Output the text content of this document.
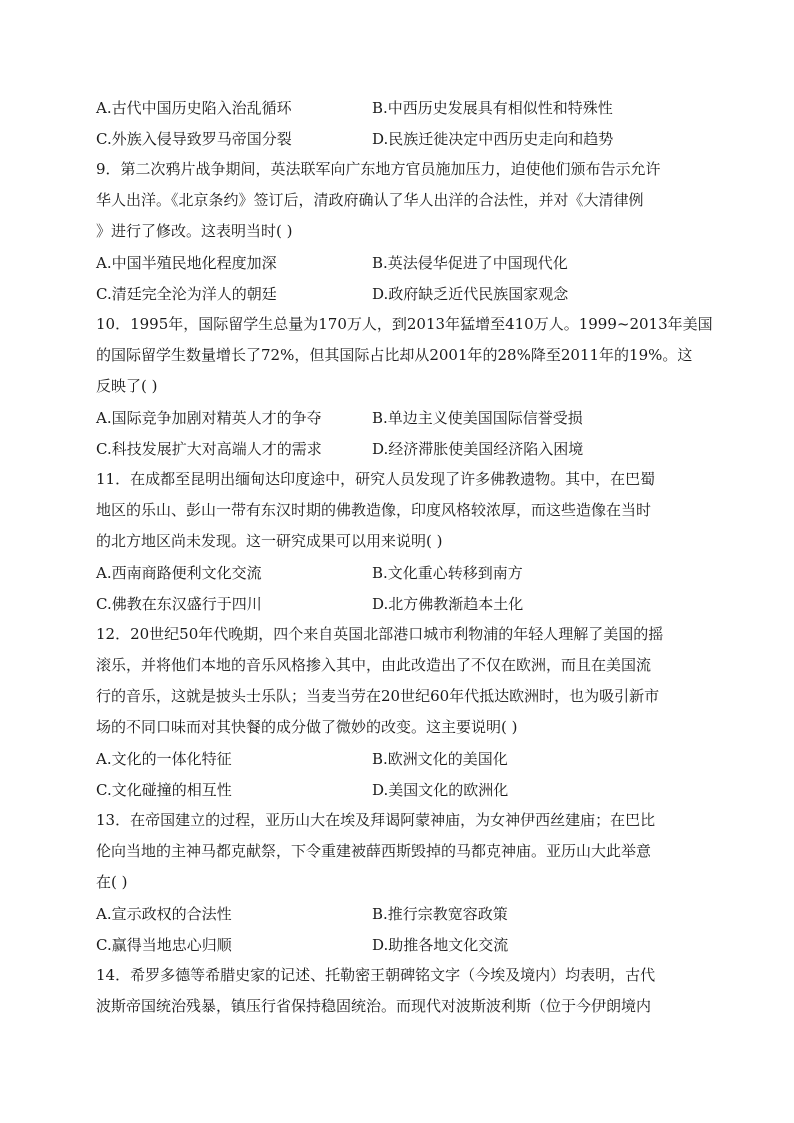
A.古代中国历史陷入治乱循环	B.中西历史发展具有相似性和特殊性
C.外族入侵导致罗马帝国分裂	D.民族迁徙决定中西历史走向和趋势
9．第二次鸦片战争期间，英法联军向广东地方官员施加压力，迫使他们颁布告示允许
华人出洋。《北京条约》签订后，清政府确认了华人出洋的合法性，并对《大清律例
》进行了修改。这表明当时( )
A.中国半殖民地化程度加深	B.英法侵华促进了中国现代化
C.清廷完全沦为洋人的朝廷	D.政府缺乏近代民族国家观念
10．1995年，国际留学生总量为170万人，到2013年猛增至410万人。1999~2013年美国
的国际留学生数量增长了72%，但其国际占比却从2001年的28%降至2011年的19%。这
反映了( )
A.国际竞争加剧对精英人才的争夺	B.单边主义使美国国际信誉受损
C.科技发展扩大对高端人才的需求	D.经济滞胀使美国经济陷入困境
11．在成都至昆明出缅甸达印度途中，研究人员发现了许多佛教遗物。其中，在巴蜀
地区的乐山、彭山一带有东汉时期的佛教造像，印度风格较浓厚，而这些造像在当时
的北方地区尚未发现。这一研究成果可以用来说明( )
A.西南商路便利文化交流	B.文化重心转移到南方
C.佛教在东汉盛行于四川	D.北方佛教渐趋本土化
12．20世纪50年代晚期，四个来自英国北部港口城市利物浦的年轻人理解了美国的摇
滚乐，并将他们本地的音乐风格掺入其中，由此改造出了不仅在欧洲，而且在美国流
行的音乐，这就是披头士乐队；当麦当劳在20世纪60年代抵达欧洲时，也为吸引新市
场的不同口味而对其快餐的成分做了微妙的改变。这主要说明( )
A.文化的一体化特征	B.欧洲文化的美国化
C.文化碰撞的相互性	D.美国文化的欧洲化
13．在帝国建立的过程，亚历山大在埃及拜谒阿蒙神庙，为女神伊西丝建庙；在巴比
伦向当地的主神马都克献祭，下令重建被薛西斯毁掉的马都克神庙。亚历山大此举意
在( )
A.宣示政权的合法性	B.推行宗教宽容政策
C.赢得当地忠心归顺	D.助推各地文化交流
14．希罗多德等希腊史家的记述、托勒密王朝碑铭文字（今埃及境内）均表明，古代
波斯帝国统治残暴，镇压行省保持稳固统治。而现代对波斯波利斯（位于今伊朗境内
